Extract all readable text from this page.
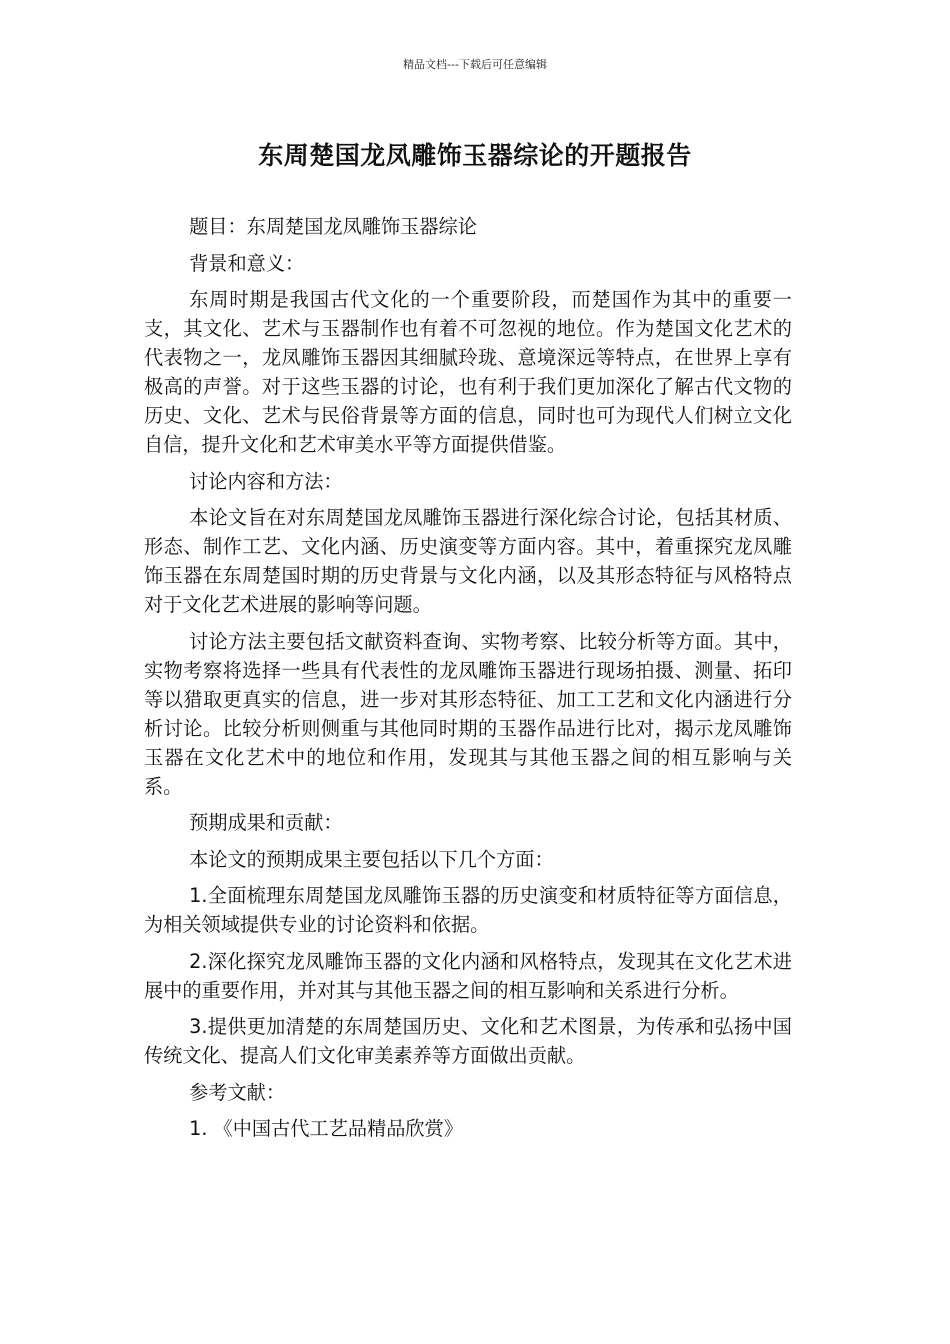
精品文档---下载后可任意编辑
东周楚国龙凤雕饰玉器综论的开题报告

题目：东周楚国龙凤雕饰玉器综论

背景和意义：

东周时期是我国古代文化的一个重要阶段，而楚国作为其中的重要一支，其文化、艺术与玉器制作也有着不可忽视的地位。作为楚国文化艺术的代表物之一，龙凤雕饰玉器因其细腻玲珑、意境深远等特点，在世界上享有极高的声誉。对于这些玉器的讨论，也有利于我们更加深化了解古代文物的历史、文化、艺术与民俗背景等方面的信息，同时也可为现代人们树立文化自信，提升文化和艺术审美水平等方面提供借鉴。

讨论内容和方法：

本论文旨在对东周楚国龙凤雕饰玉器进行深化综合讨论，包括其材质、形态、制作工艺、文化内涵、历史演变等方面内容。其中，着重探究龙凤雕饰玉器在东周楚国时期的历史背景与文化内涵，以及其形态特征与风格特点对于文化艺术进展的影响等问题。

讨论方法主要包括文献资料查询、实物考察、比较分析等方面。其中，实物考察将选择一些具有代表性的龙凤雕饰玉器进行现场拍摄、测量、拓印等以猎取更真实的信息，进一步对其形态特征、加工工艺和文化内涵进行分析讨论。比较分析则侧重与其他同时期的玉器作品进行比对，揭示龙凤雕饰玉器在文化艺术中的地位和作用，发现其与其他玉器之间的相互影响与关系。

预期成果和贡献：

本论文的预期成果主要包括以下几个方面：

1.全面梳理东周楚国龙凤雕饰玉器的历史演变和材质特征等方面信息，为相关领域提供专业的讨论资料和依据。

2.深化探究龙凤雕饰玉器的文化内涵和风格特点，发现其在文化艺术进展中的重要作用，并对其与其他玉器之间的相互影响和关系进行分析。

3.提供更加清楚的东周楚国历史、文化和艺术图景，为传承和弘扬中国传统文化、提高人们文化审美素养等方面做出贡献。

参考文献：

1. 《中国古代工艺品精品欣赏》
